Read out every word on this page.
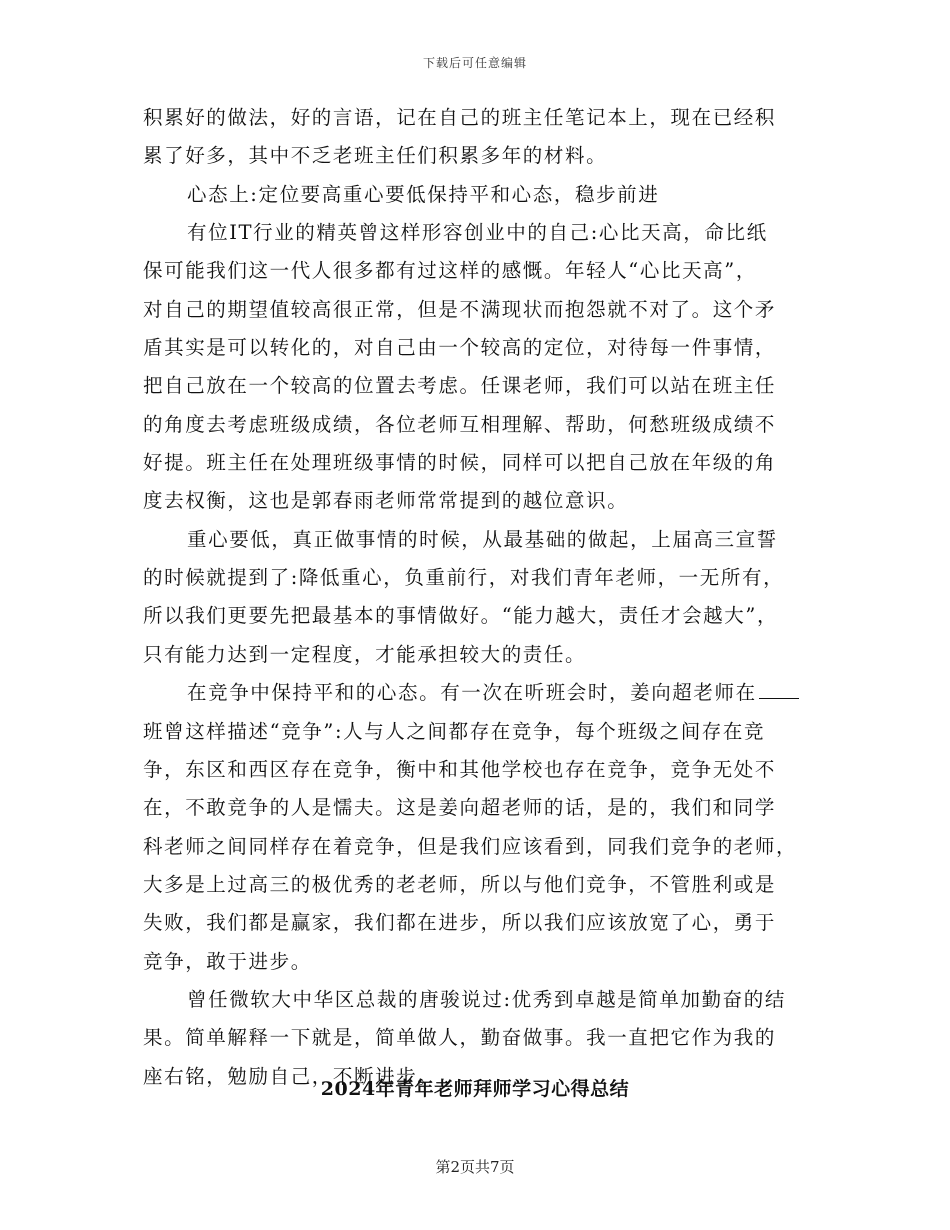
下载后可任意编辑
积累好的做法，好的言语，记在自己的班主任笔记本上，现在已经积
累了好多，其中不乏老班主任们积累多年的材料。
心态上:定位要高重心要低保持平和心态，稳步前进
有位IT行业的精英曾这样形容创业中的自己:心比天高，命比纸
保可能我们这一代人很多都有过这样的感慨。年轻人“心比天高”，
对自己的期望值较高很正常，但是不满现状而抱怨就不对了。这个矛
盾其实是可以转化的，对自己由一个较高的定位，对待每一件事情，
把自己放在一个较高的位置去考虑。任课老师，我们可以站在班主任
的角度去考虑班级成绩，各位老师互相理解、帮助，何愁班级成绩不
好提。班主任在处理班级事情的时候，同样可以把自己放在年级的角
度去权衡，这也是郭春雨老师常常提到的越位意识。
重心要低，真正做事情的时候，从最基础的做起，上届高三宣誓
的时候就提到了:降低重心，负重前行，对我们青年老师，一无所有，
所以我们更要先把最基本的事情做好。“能力越大，责任才会越大”，
只有能力达到一定程度，才能承担较大的责任。
在竞争中保持平和的心态。有一次在听班会时，姜向超老师在
班曾这样描述“竞争”:人与人之间都存在竞争，每个班级之间存在竞
争，东区和西区存在竞争，衡中和其他学校也存在竞争，竞争无处不
在，不敢竞争的人是懦夫。这是姜向超老师的话，是的，我们和同学
科老师之间同样存在着竞争，但是我们应该看到，同我们竞争的老师，
大多是上过高三的极优秀的老老师，所以与他们竞争，不管胜利或是
失败，我们都是赢家，我们都在进步，所以我们应该放宽了心，勇于
竞争，敢于进步。
曾任微软大中华区总裁的唐骏说过:优秀到卓越是简单加勤奋的结
果。简单解释一下就是，简单做人，勤奋做事。我一直把它作为我的
座右铭，勉励自己，不断进步。
2024年青年老师拜师学习心得总结
第2页共7页
